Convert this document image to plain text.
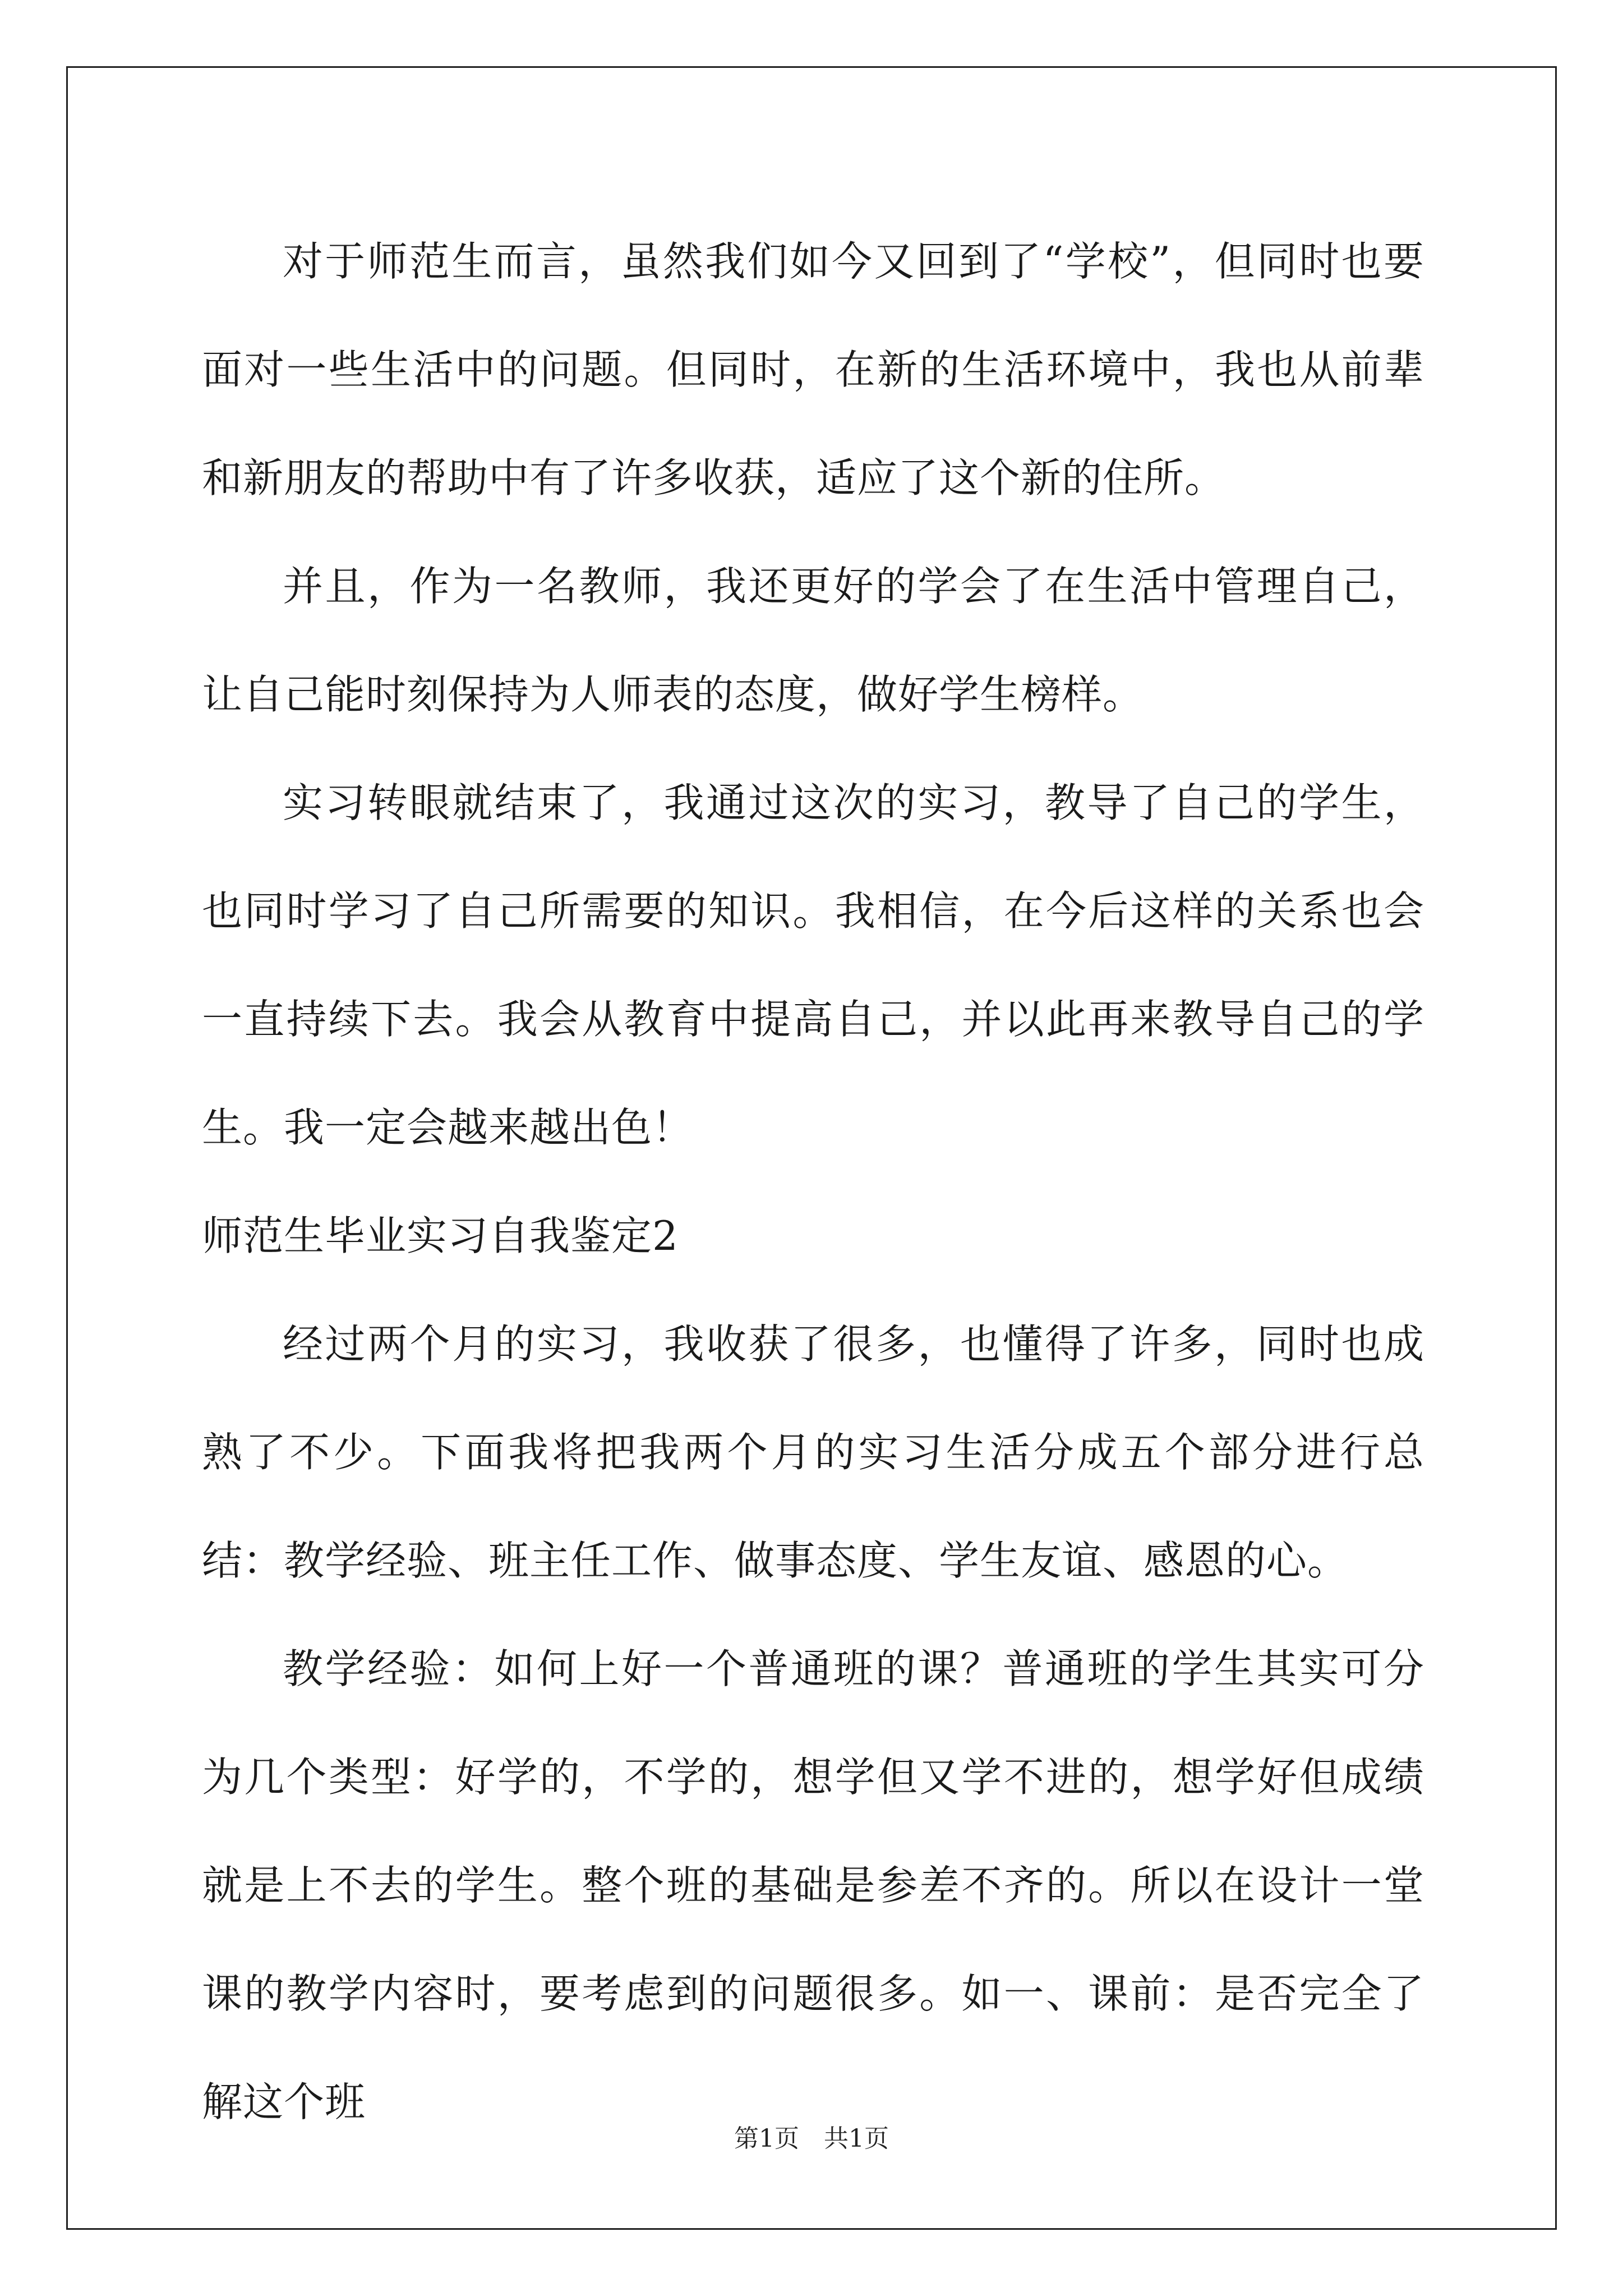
对于师范生而言，虽然我们如今又回到了“学校”，但同时也要面对一些生活中的问题。但同时，在新的生活环境中，我也从前辈和新朋友的帮助中有了许多收获，适应了这个新的住所。

并且，作为一名教师，我还更好的学会了在生活中管理自己，让自己能时刻保持为人师表的态度，做好学生榜样。

实习转眼就结束了，我通过这次的实习，教导了自己的学生，也同时学习了自己所需要的知识。我相信，在今后这样的关系也会一直持续下去。我会从教育中提高自己，并以此再来教导自己的学生。我一定会越来越出色！

师范生毕业实习自我鉴定2

经过两个月的实习，我收获了很多，也懂得了许多，同时也成熟了不少。下面我将把我两个月的实习生活分成五个部分进行总结：教学经验、班主任工作、做事态度、学生友谊、感恩的心。

教学经验：如何上好一个普通班的课？普通班的学生其实可分为几个类型：好学的，不学的，想学但又学不进的，想学好但成绩就是上不去的学生。整个班的基础是参差不齐的。所以在设计一堂课的教学内容时，要考虑到的问题很多。如一、课前：是否完全了解这个班

第1页 共1页
